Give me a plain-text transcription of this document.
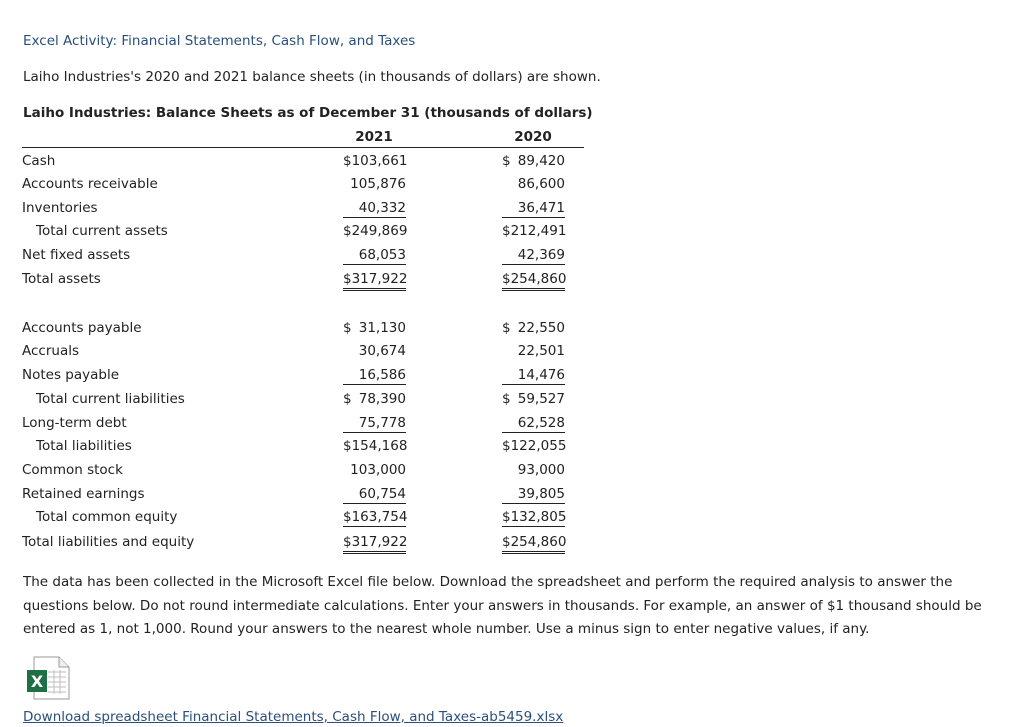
Excel Activity: Financial Statements, Cash Flow, and Taxes
Laiho Industries's 2020 and 2021 balance sheets (in thousands of dollars) are shown.
Laiho Industries: Balance Sheets as of December 31 (thousands of dollars)
2021	2020
Cash	$ 103,661	$ 89,420
Accounts receivable	105,876	86,600
Inventories	40,332	36,471
Total current assets	$ 249,869	$ 212,491
Net fixed assets	68,053	42,369
Total assets	$ 317,922	$ 254,860
Accounts payable	$ 31,130	$ 22,550
Accruals	30,674	22,501
Notes payable	16,586	14,476
Total current liabilities	$ 78,390	$ 59,527
Long-term debt	75,778	62,528
Total liabilities	$ 154,168	$ 122,055
Common stock	103,000	93,000
Retained earnings	60,754	39,805
Total common equity	$ 163,754	$ 132,805
Total liabilities and equity	$ 317,922	$ 254,860
The data has been collected in the Microsoft Excel file below. Download the spreadsheet and perform the required analysis to answer the
questions below. Do not round intermediate calculations. Enter your answers in thousands. For example, an answer of $1 thousand should be
entered as 1, not 1,000. Round your answers to the nearest whole number. Use a minus sign to enter negative values, if any.
X
Download spreadsheet Financial Statements, Cash Flow, and Taxes-ab5459.xlsx
